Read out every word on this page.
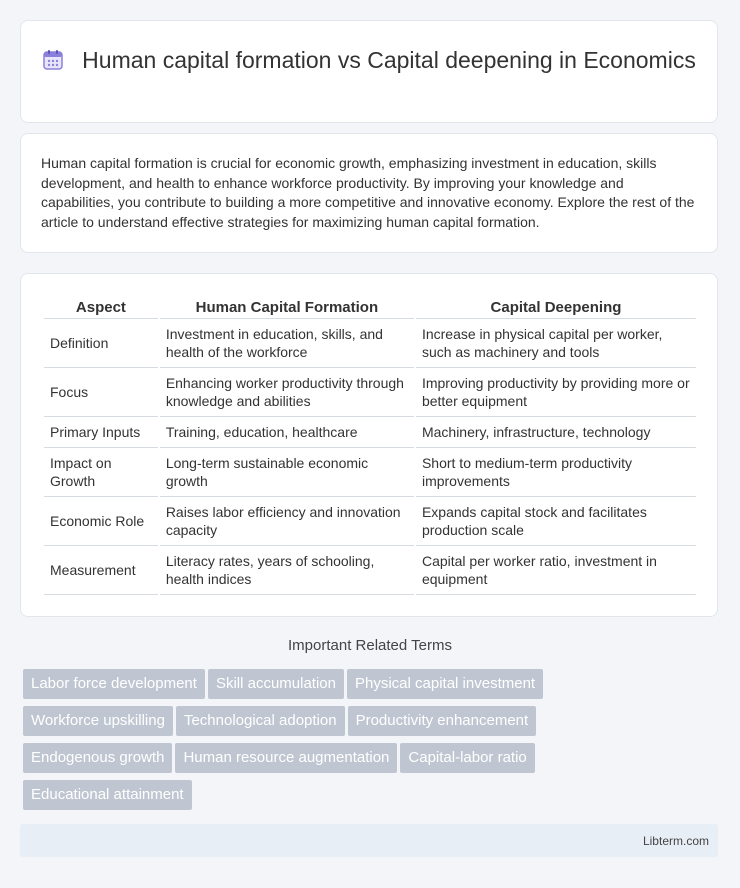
Human capital formation vs Capital deepening in Economics

Human capital formation is crucial for economic growth, emphasizing investment in education, skills development, and health to enhance workforce productivity. By improving your knowledge and capabilities, you contribute to building a more competitive and innovative economy. Explore the rest of the article to understand effective strategies for maximizing human capital formation.

Aspect	Human Capital Formation	Capital Deepening
Definition	Investment in education, skills, and health of the workforce	Increase in physical capital per worker, such as machinery and tools
Focus	Enhancing worker productivity through knowledge and abilities	Improving productivity by providing more or better equipment
Primary Inputs	Training, education, healthcare	Machinery, infrastructure, technology
Impact on Growth	Long-term sustainable economic growth	Short to medium-term productivity improvements
Economic Role	Raises labor efficiency and innovation capacity	Expands capital stock and facilitates production scale
Measurement	Literacy rates, years of schooling, health indices	Capital per worker ratio, investment in equipment
Important Related Terms
Labor force development Skill accumulation Physical capital investment
Workforce upskilling Technological adoption Productivity enhancement
Endogenous growth Human resource augmentation Capital-labor ratio
Educational attainment
Libterm.com
